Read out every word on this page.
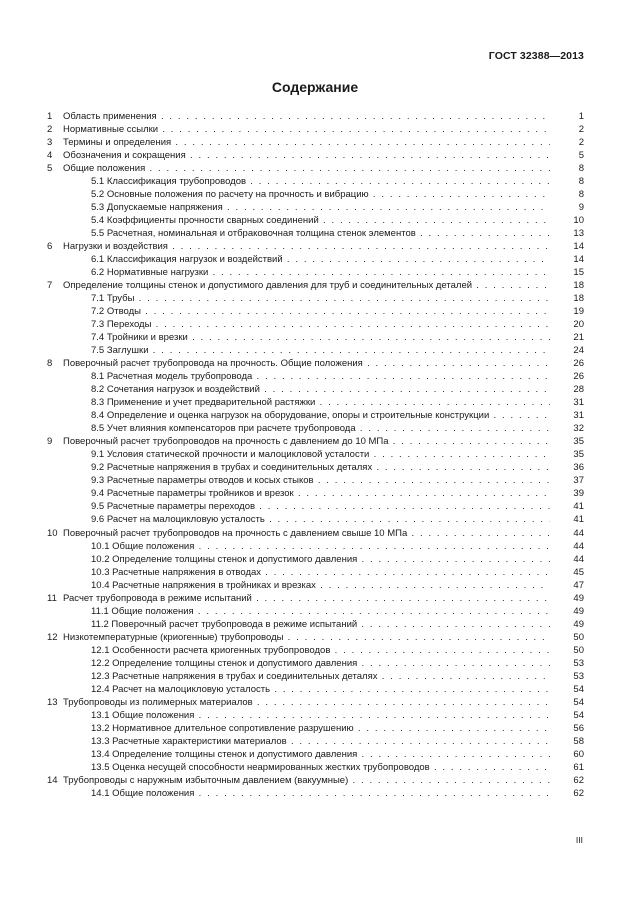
ГОСТ 32388—2013
Содержание
1 Область применения . . .	1
2 Нормативные ссылки . . .	2
3 Термины и определения . . .	2
4 Обозначения и сокращения . . .	5
5 Общие положения . . .	8
5.1 Классификация трубопроводов . . .	8
5.2 Основные положения по расчету на прочность и вибрацию . . .	8
5.3 Допускаемые напряжения . . .	9
5.4 Коэффициенты прочности сварных соединений . . .	10
5.5 Расчетная, номинальная и отбраковочная толщина стенок элементов . . .	13
6 Нагрузки и воздействия . . .	14
6.1 Классификация нагрузок и воздействий . . .	14
6.2 Нормативные нагрузки . . .	15
7 Определение толщины стенок и допустимого давления для труб и соединительных деталей . . .	18
7.1 Трубы . . .	18
7.2 Отводы . . .	19
7.3 Переходы . . .	20
7.4 Тройники и врезки . . .	21
7.5 Заглушки . . .	24
8 Поверочный расчет трубопровода на прочность. Общие положения . . .	26
8.1 Расчетная модель трубопровода . . .	26
8.2 Сочетания нагрузок и воздействий . . .	28
8.3 Применение и учет предварительной растяжки . . .	31
8.4 Определение и оценка нагрузок на оборудование, опоры и строительные конструкции . . .	31
8.5 Учет влияния компенсаторов при расчете трубопровода . . .	32
9 Поверочный расчет трубопроводов на прочность с давлением до 10 МПа . . .	35
9.1 Условия статической прочности и малоцикловой усталости . . .	35
9.2 Расчетные напряжения в трубах и соединительных деталях . . .	36
9.3 Расчетные параметры отводов и косых стыков . . .	37
9.4 Расчетные параметры тройников и врезок . . .	39
9.5 Расчетные параметры переходов . . .	41
9.6 Расчет на малоцикловую усталость . . .	41
10 Поверочный расчет трубопроводов на прочность с давлением свыше 10 МПа . . .	44
10.1 Общие положения . . .	44
10.2 Определение толщины стенок и допустимого давления . . .	44
10.3 Расчетные напряжения в отводах . . .	45
10.4 Расчетные напряжения в тройниках и врезках . . .	47
11 Расчет трубопровода в режиме испытаний . . .	49
11.1 Общие положения . . .	49
11.2 Поверочный расчет трубопровода в режиме испытаний . . .	49
12 Низкотемпературные (криогенные) трубопроводы . . .	50
12.1 Особенности расчета криогенных трубопроводов . . .	50
12.2 Определение толщины стенок и допустимого давления . . .	53
12.3 Расчетные напряжения в трубах и соединительных деталях . . .	53
12.4 Расчет на малоцикловую усталость . . .	54
13 Трубопроводы из полимерных материалов . . .	54
13.1 Общие положения . . .	54
13.2 Нормативное длительное сопротивление разрушению . . .	56
13.3 Расчетные характеристики материалов . . .	58
13.4 Определение толщины стенок и допустимого давления . . .	60
13.5 Оценка несущей способности неармированных жестких трубопроводов . . .	61
14 Трубопроводы с наружным избыточным давлением (вакуумные) . . .	62
14.1 Общие положения . . .	62
III
